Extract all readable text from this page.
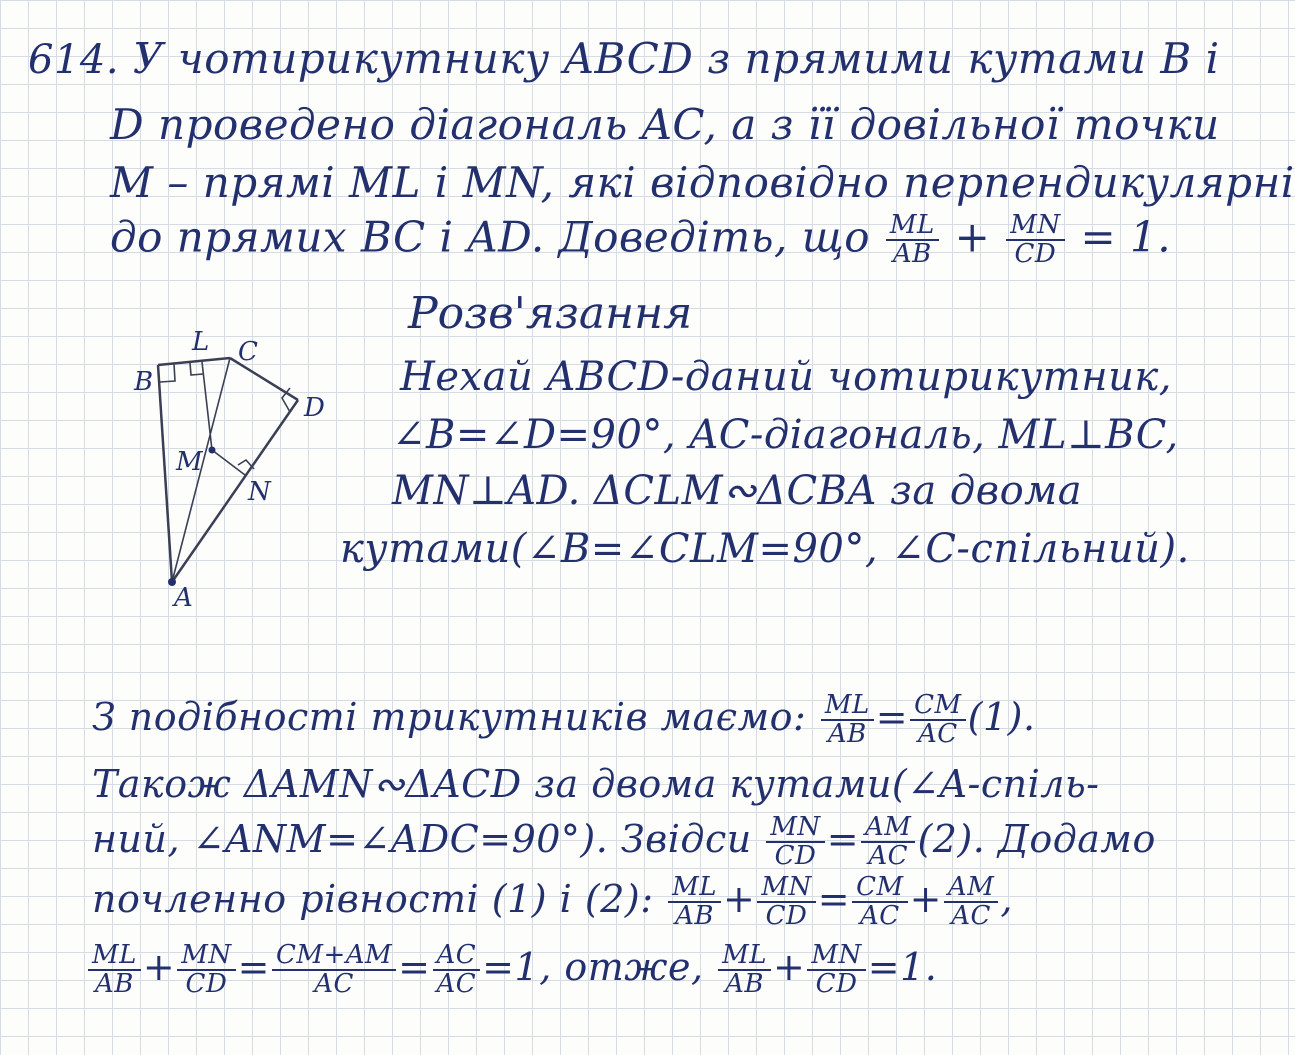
614. У чотирикутнику ABCD з прямими кутами B і
D проведено діагональ AC, а з її довільної точки
M – прямі ML і MN, які відповідно перпендикулярні
до прямих BC і AD. Доведіть, що $\frac{ML}{AB} + \frac{MN}{CD} = 1$.
Розв'язання
B
L C
D
M
N
A
Нехай ABCD-даний чотирикутник,
∠B=∠D=90°, AC-діагональ, ML⊥BC,
MN⊥AD. ΔCLM∾ΔCBA за двома
кутами(∠B=∠CLM=90°, ∠C-спільний).
З подібності трикутників маємо: $\frac{ML}{AB} = \frac{CM}{AC} (1)$.
Також ΔAMN∾ΔACD за двома кутами(∠A-спіль-
ний, ∠ANM=∠ADC=90°). Звідси $\frac{MN}{CD} = \frac{AM}{AC} (2)$. Додамо
почленно рівності (1) і (2): $\frac{ML}{AB} + \frac{MN}{CD} = \frac{CM}{AC} + \frac{AM}{AC}$ ,
$\frac{ML}{AB} + \frac{MN}{CD} = \frac{CM+AM}{AC} = \frac{AC}{AC} =1$, отже, $\frac{ML}{AB} + \frac{MN}{CD} =1$.
